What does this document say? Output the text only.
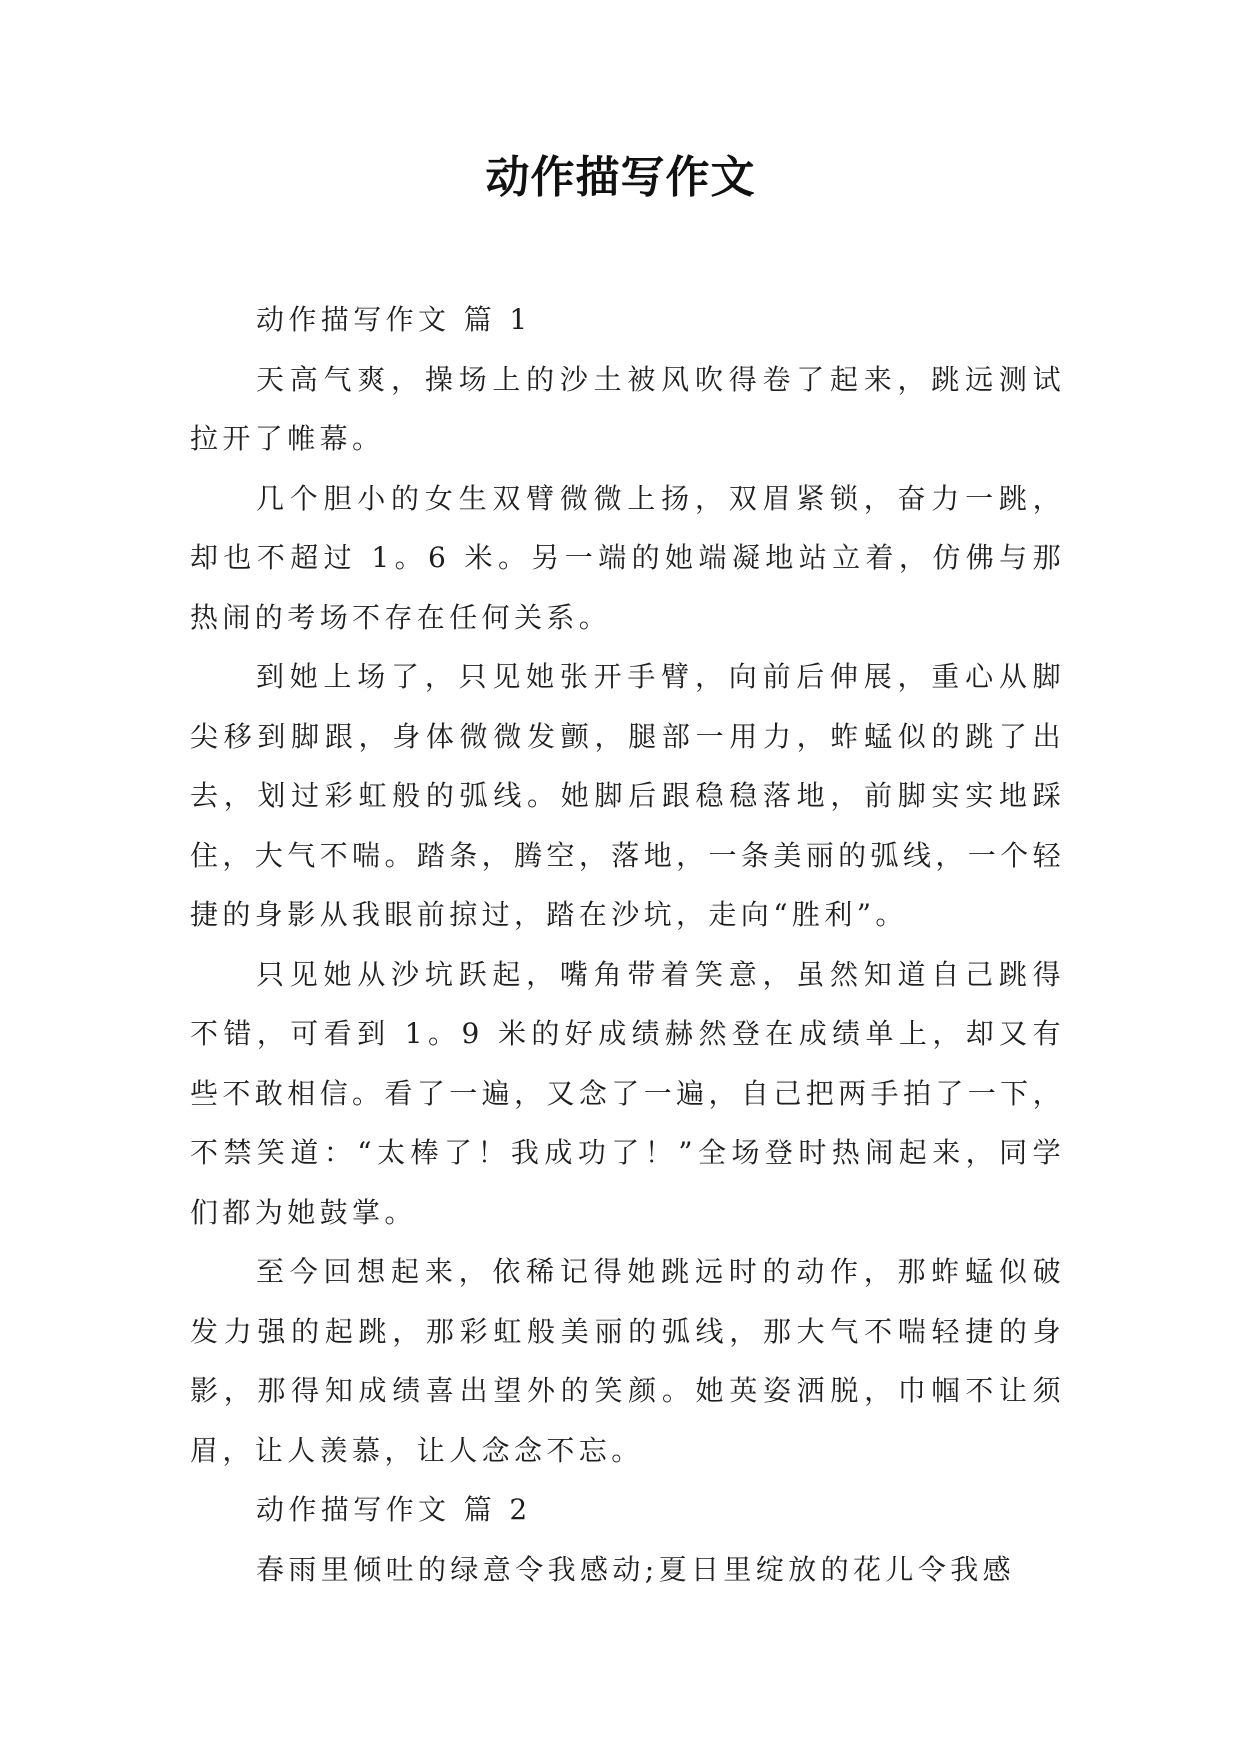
动作描写作文

动作描写作文 篇 1

天高气爽，操场上的沙土被风吹得卷了起来，跳远测试拉开了帷幕。

几个胆小的女生双臂微微上扬，双眉紧锁，奋力一跳，却也不超过 1。6 米。另一端的她端凝地站立着，仿佛与那热闹的考场不存在任何关系。

到她上场了，只见她张开手臂，向前后伸展，重心从脚尖移到脚跟，身体微微发颤，腿部一用力，蚱蜢似的跳了出去，划过彩虹般的弧线。她脚后跟稳稳落地，前脚实实地踩住，大气不喘。踏条，腾空，落地，一条美丽的弧线，一个轻捷的身影从我眼前掠过，踏在沙坑，走向“胜利”。

只见她从沙坑跃起，嘴角带着笑意，虽然知道自己跳得不错，可看到 1。9 米的好成绩赫然登在成绩单上，却又有些不敢相信。看了一遍，又念了一遍，自己把两手拍了一下，不禁笑道：“太棒了！我成功了！”全场登时热闹起来，同学们都为她鼓掌。

至今回想起来，依稀记得她跳远时的动作，那蚱蜢似破发力强的起跳，那彩虹般美丽的弧线，那大气不喘轻捷的身影，那得知成绩喜出望外的笑颜。她英姿洒脱，巾帼不让须眉，让人羡慕，让人念念不忘。

动作描写作文 篇 2

春雨里倾吐的绿意令我感动;夏日里绽放的花儿令我感
